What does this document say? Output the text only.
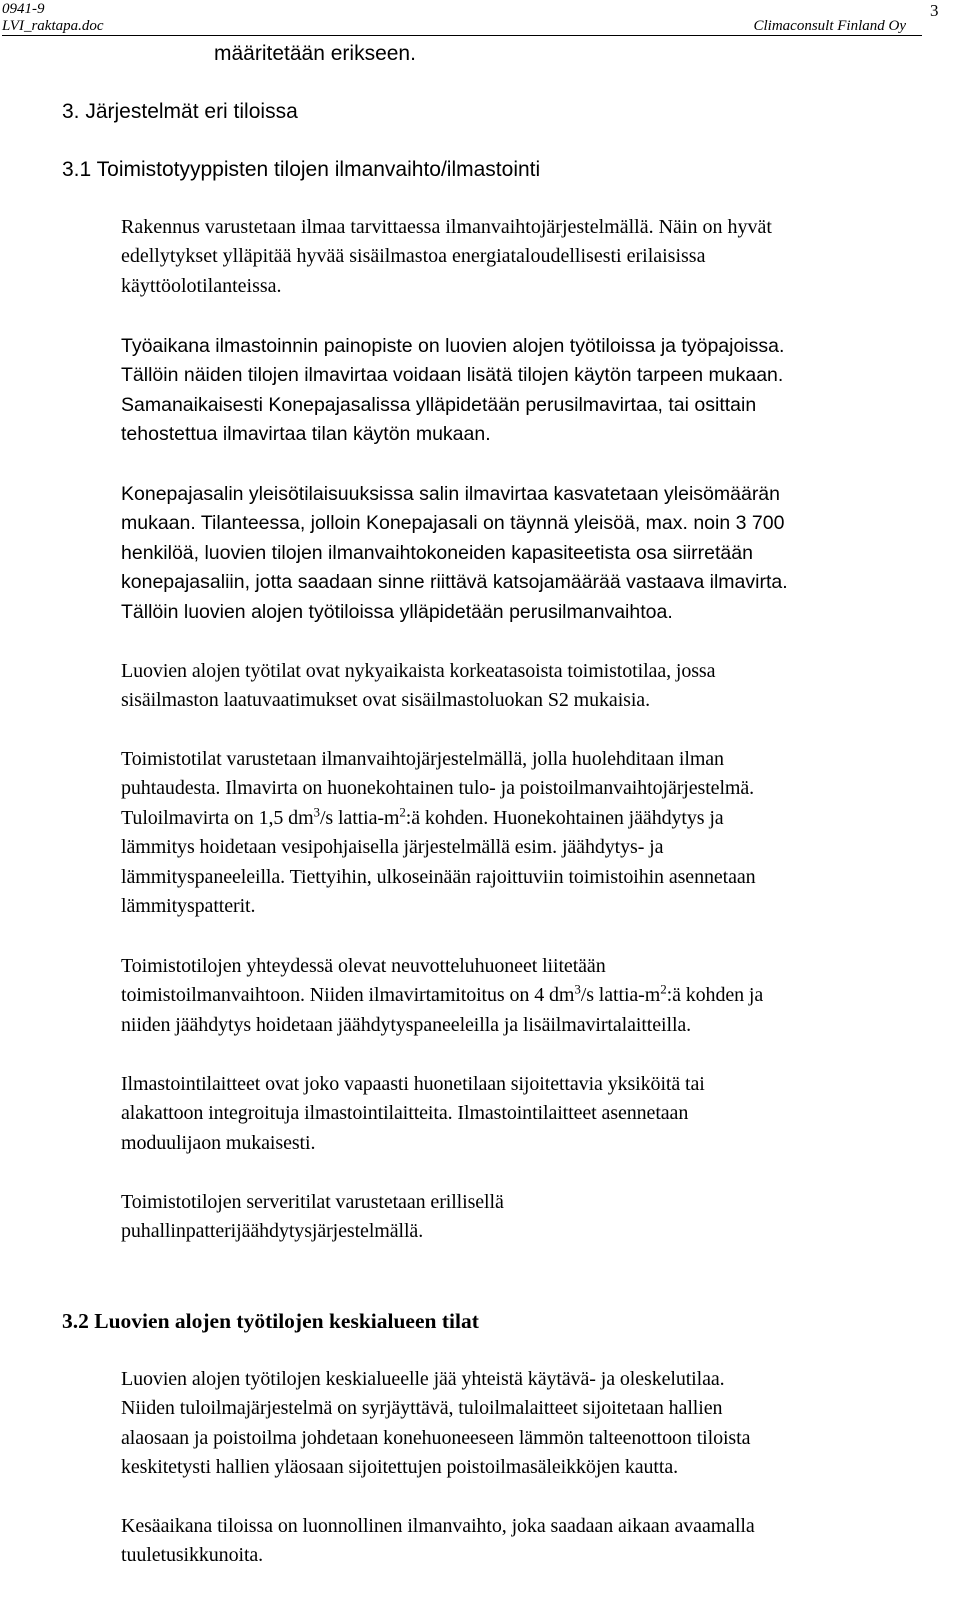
0941-9
LVI_raktapa.doc	Climaconsult Finland Oy
3

määritetään erikseen.

3. Järjestelmät eri tiloissa

3.1 Toimistotyyppisten tilojen ilmanvaihto/ilmastointi

Rakennus varustetaan ilmaa tarvittaessa ilmanvaihtojärjestelmällä. Näin on hyvät
edellytykset ylläpitää hyvää sisäilmastoa energiataloudellisesti erilaisissa
käyttöolotilanteissa.
Työaikana ilmastoinnin painopiste on luovien alojen työtiloissa ja työpajoissa.
Tällöin näiden tilojen ilmavirtaa voidaan lisätä tilojen käytön tarpeen mukaan.
Samanaikaisesti Konepajasalissa ylläpidetään perusilmavirtaa, tai osittain
tehostettua ilmavirtaa tilan käytön mukaan.
Konepajasalin yleisötilaisuuksissa salin ilmavirtaa kasvatetaan yleisömäärän
mukaan. Tilanteessa, jolloin Konepajasali on täynnä yleisöä, max. noin 3 700
henkilöä, luovien tilojen ilmanvaihtokoneiden kapasiteetista osa siirretään
konepajasaliin, jotta saadaan sinne riittävä katsojamäärää vastaava ilmavirta.
Tällöin luovien alojen työtiloissa ylläpidetään perusilmanvaihtoa.
Luovien alojen työtilat ovat nykyaikaista korkeatasoista toimistotilaa, jossa
sisäilmaston laatuvaatimukset ovat sisäilmastoluokan S2 mukaisia.
Toimistotilat varustetaan ilmanvaihtojärjestelmällä, jolla huolehditaan ilman
puhtaudesta. Ilmavirta on huonekohtainen tulo- ja poistoilmanvaihtojärjestelmä.
Tuloilmavirta on 1,5 $dm^3/s$ lattia-$m^2:ä$ kohden. Huonekohtainen jäähdytys ja
lämmitys hoidetaan vesipohjaisella järjestelmällä esim. jäähdytys- ja
lämmityspaneeleilla. Tiettyihin, ulkoseinään rajoittuviin toimistoihin asennetaan
lämmityspatterit.
Toimistotilojen yhteydessä olevat neuvotteluhuoneet liitetään
toimistoilmanvaihtoon. Niiden ilmavirtamitoitus on 4 $dm^3/s$ lattia-$m^2:ä$ kohden ja
niiden jäähdytys hoidetaan jäähdytyspaneeleilla ja lisäilmavirtalaitteilla.
Ilmastointilaitteet ovat joko vapaasti huonetilaan sijoitettavia yksiköitä tai
alakattoon integroituja ilmastointilaitteita. Ilmastointilaitteet asennetaan
moduulijaon mukaisesti.
Toimistotilojen serveritilat varustetaan erillisellä
puhallinpatterijäähdytysjärjestelmällä.

3.2 Luovien alojen työtilojen keskialueen tilat

Luovien alojen työtilojen keskialueelle jää yhteistä käytävä- ja oleskelutilaa.
Niiden tuloilmajärjestelmä on syrjäyttävä, tuloilmalaitteet sijoitetaan hallien
alaosaan ja poistoilma johdetaan konehuoneeseen lämmön talteenottoon tiloista
keskitetysti hallien yläosaan sijoitettujen poistoilmasäleikköjen kautta.
Kesäaikana tiloissa on luonnollinen ilmanvaihto, joka saadaan aikaan avaamalla
tuuletusikkunoita.
